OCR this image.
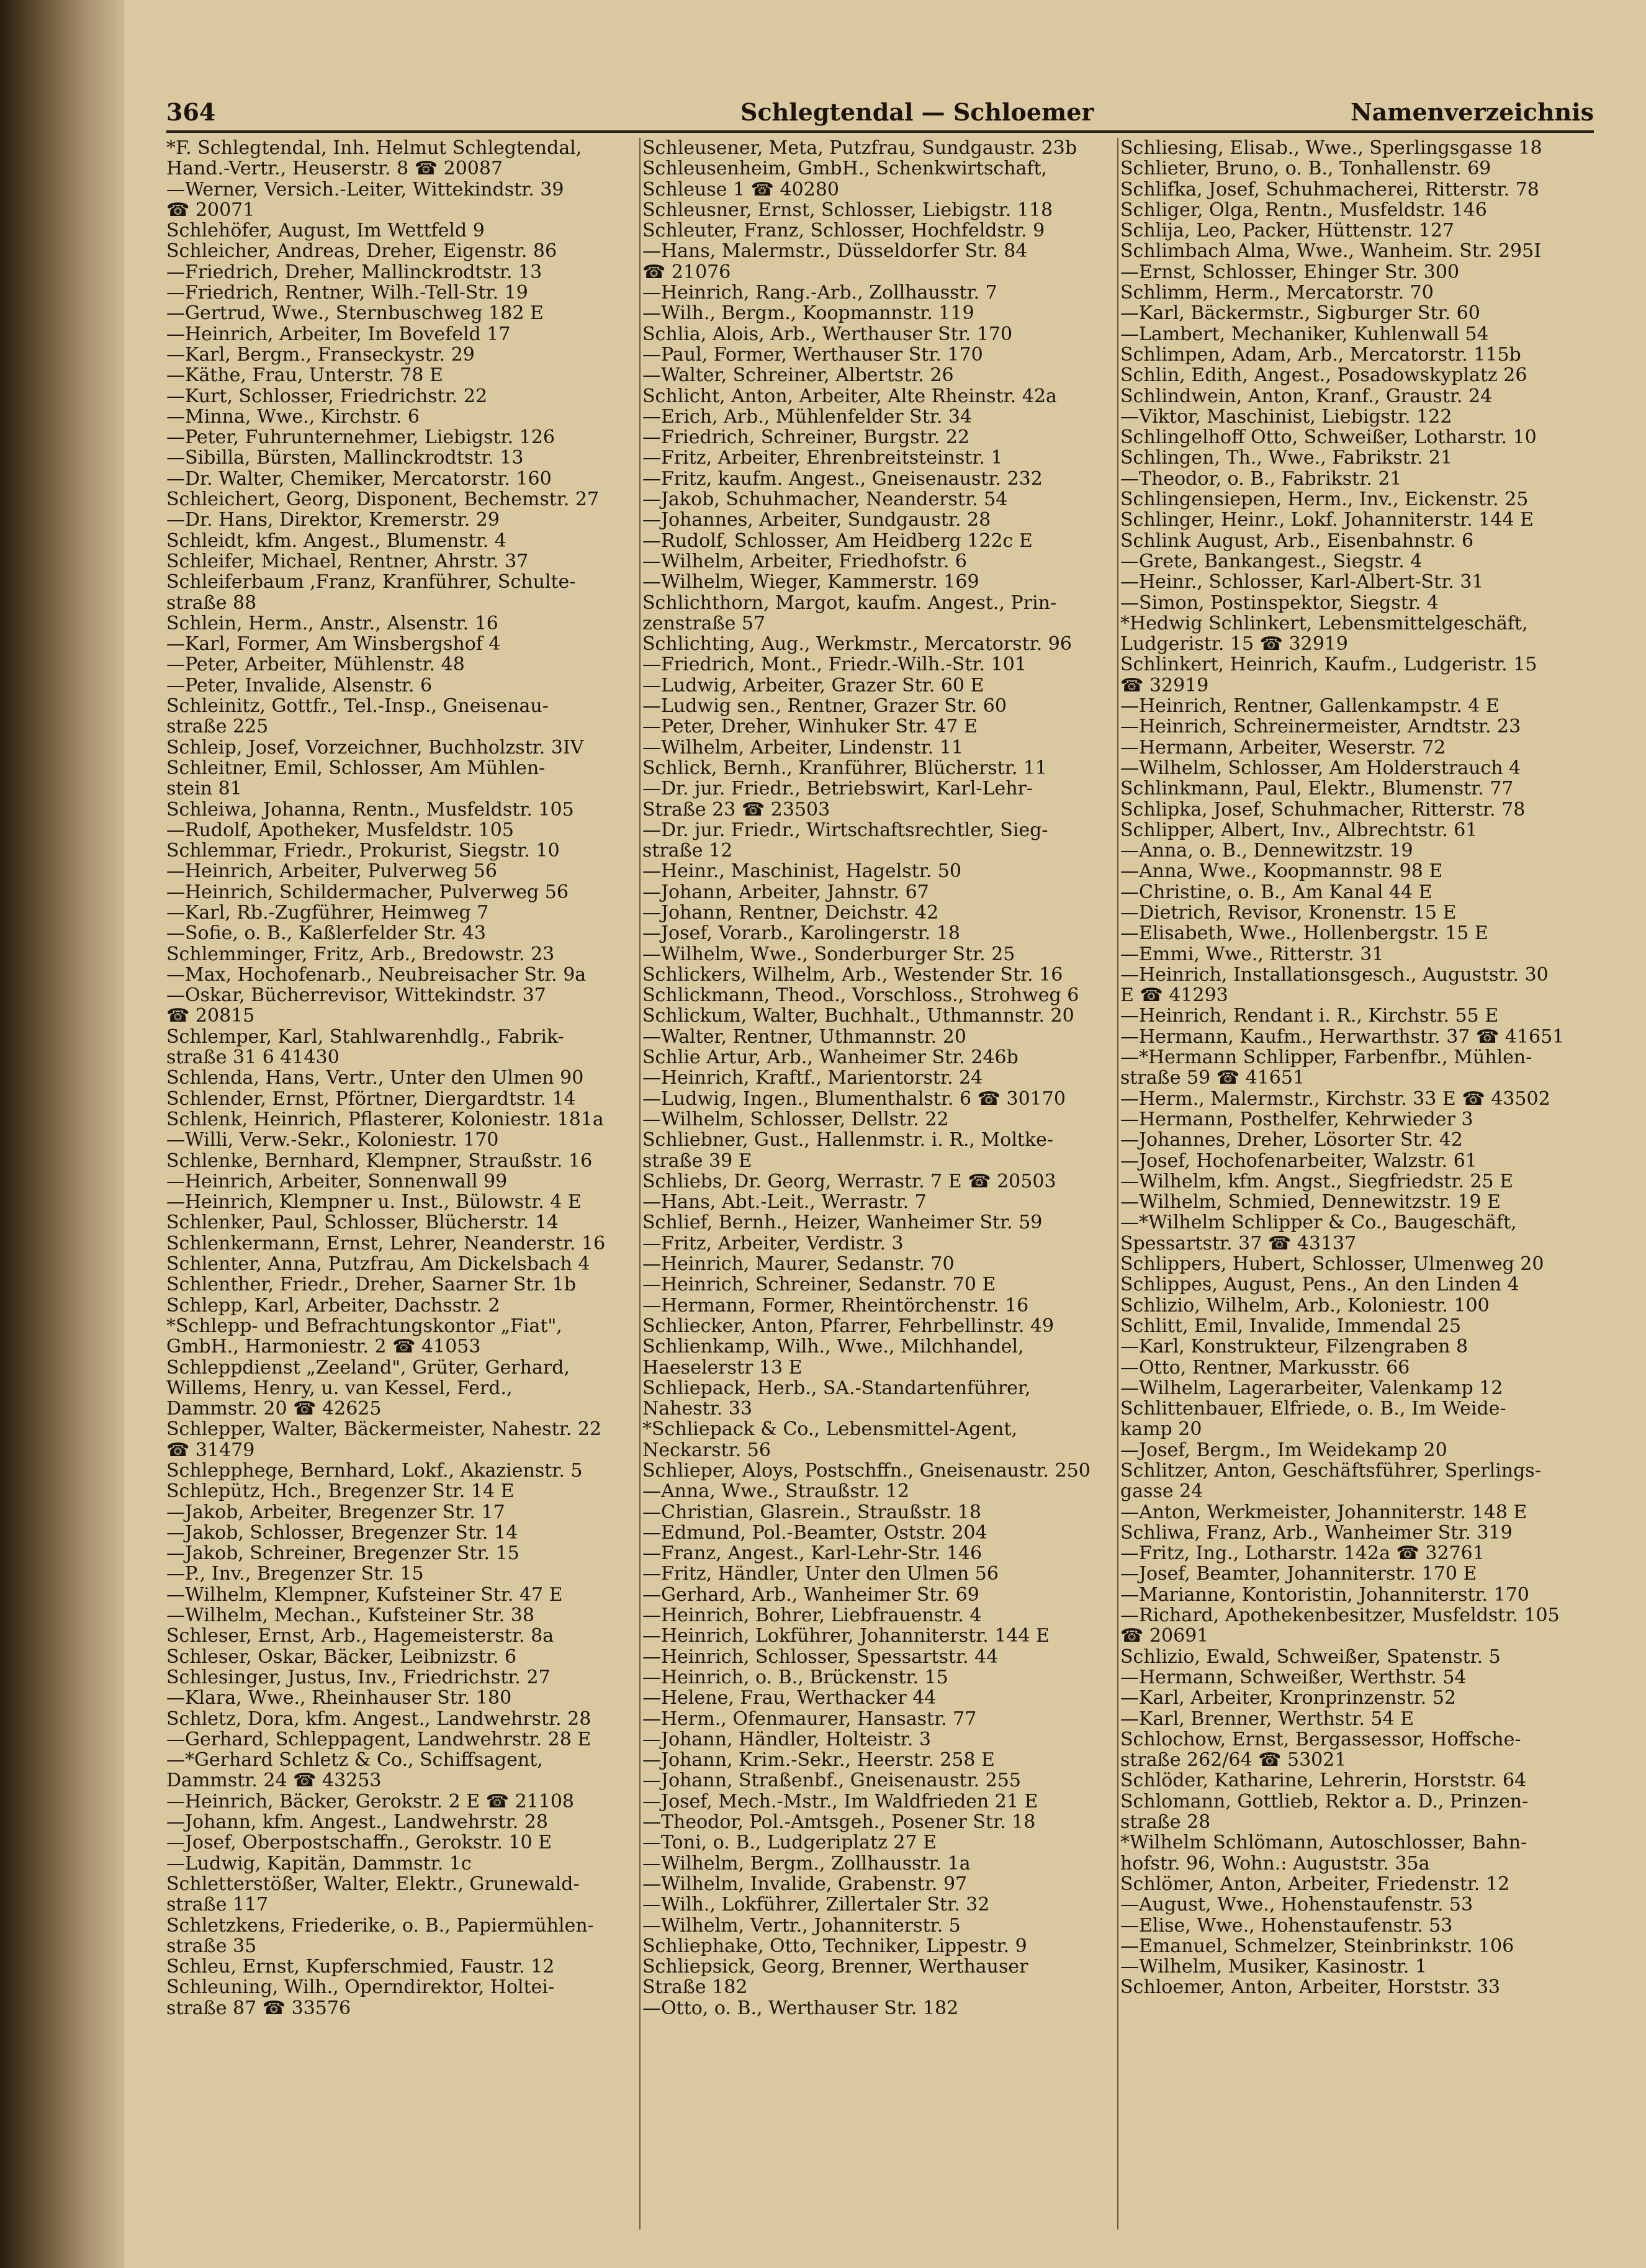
364	Schlegtendal — Schloemer	Namenverzeichnis
*F. Schlegtendal, Inh. Helmut Schlegtendal,
Hand.-Vertr., Heuserstr. 8 ☎ 20087
—Werner, Versich.-Leiter, Wittekindstr. 39
☎ 20071
Schlehöfer, August, Im Wettfeld 9
Schleicher, Andreas, Dreher, Eigenstr. 86
—Friedrich, Dreher, Mallinckrodtstr. 13
—Friedrich, Rentner, Wilh.-Tell-Str. 19
—Gertrud, Wwe., Sternbuschweg 182 E
—Heinrich, Arbeiter, Im Bovefeld 17
—Karl, Bergm., Franseckystr. 29
—Käthe, Frau, Unterstr. 78 E
—Kurt, Schlosser, Friedrichstr. 22
—Minna, Wwe., Kirchstr. 6
—Peter, Fuhrunternehmer, Liebigstr. 126
—Sibilla, Bürsten, Mallinckrodtstr. 13
—Dr. Walter, Chemiker, Mercatorstr. 160
Schleichert, Georg, Disponent, Bechemstr. 27
—Dr. Hans, Direktor, Kremerstr. 29
Schleidt, kfm. Angest., Blumenstr. 4
Schleifer, Michael, Rentner, Ahrstr. 37
Schleiferbaum ,Franz, Kranführer, Schulte-
straße 88
Schlein, Herm., Anstr., Alsenstr. 16
—Karl, Former, Am Winsbergshof 4
—Peter, Arbeiter, Mühlenstr. 48
—Peter, Invalide, Alsenstr. 6
Schleinitz, Gottfr., Tel.-Insp., Gneisenau-
straße 225
Schleip, Josef, Vorzeichner, Buchholzstr. 3IV
Schleitner, Emil, Schlosser, Am Mühlen-
stein 81
Schleiwa, Johanna, Rentn., Musfeldstr. 105
—Rudolf, Apotheker, Musfeldstr. 105
Schlemmar, Friedr., Prokurist, Siegstr. 10
—Heinrich, Arbeiter, Pulverweg 56
—Heinrich, Schildermacher, Pulverweg 56
—Karl, Rb.-Zugführer, Heimweg 7
—Sofie, o. B., Kaßlerfelder Str. 43
Schlemminger, Fritz, Arb., Bredowstr. 23
—Max, Hochofenarb., Neubreisacher Str. 9a
—Oskar, Bücherrevisor, Wittekindstr. 37
☎ 20815
Schlemper, Karl, Stahlwarenhdlg., Fabrik-
straße 31 6 41430
Schlenda, Hans, Vertr., Unter den Ulmen 90
Schlender, Ernst, Pförtner, Diergardtstr. 14
Schlenk, Heinrich, Pflasterer, Koloniestr. 181a
—Willi, Verw.-Sekr., Koloniestr. 170
Schlenke, Bernhard, Klempner, Straußstr. 16
—Heinrich, Arbeiter, Sonnenwall 99
—Heinrich, Klempner u. Inst., Bülowstr. 4 E
Schlenker, Paul, Schlosser, Blücherstr. 14
Schlenkermann, Ernst, Lehrer, Neanderstr. 16
Schlenter, Anna, Putzfrau, Am Dickelsbach 4
Schlenther, Friedr., Dreher, Saarner Str. 1b
Schlepp, Karl, Arbeiter, Dachsstr. 2
*Schlepp- und Befrachtungskontor „Fiat",
GmbH., Harmoniestr. 2 ☎ 41053
Schleppdienst „Zeeland", Grüter, Gerhard,
Willems, Henry, u. van Kessel, Ferd.,
Dammstr. 20 ☎ 42625
Schlepper, Walter, Bäckermeister, Nahestr. 22
☎ 31479
Schlepphege, Bernhard, Lokf., Akazienstr. 5
Schlepütz, Hch., Bregenzer Str. 14 E
—Jakob, Arbeiter, Bregenzer Str. 17
—Jakob, Schlosser, Bregenzer Str. 14
—Jakob, Schreiner, Bregenzer Str. 15
—P., Inv., Bregenzer Str. 15
—Wilhelm, Klempner, Kufsteiner Str. 47 E
—Wilhelm, Mechan., Kufsteiner Str. 38
Schleser, Ernst, Arb., Hagemeisterstr. 8a
Schleser, Oskar, Bäcker, Leibnizstr. 6
Schlesinger, Justus, Inv., Friedrichstr. 27
—Klara, Wwe., Rheinhauser Str. 180
Schletz, Dora, kfm. Angest., Landwehrstr. 28
—Gerhard, Schleppagent, Landwehrstr. 28 E
—*Gerhard Schletz & Co., Schiffsagent,
Dammstr. 24 ☎ 43253
—Heinrich, Bäcker, Gerokstr. 2 E ☎ 21108
—Johann, kfm. Angest., Landwehrstr. 28
—Josef, Oberpostschaffn., Gerokstr. 10 E
—Ludwig, Kapitän, Dammstr. 1c
Schletterstößer, Walter, Elektr., Grunewald-
straße 117
Schletzkens, Friederike, o. B., Papiermühlen-
straße 35
Schleu, Ernst, Kupferschmied, Faustr. 12
Schleuning, Wilh., Operndirektor, Holtei-
straße 87 ☎ 33576
Schleusener, Meta, Putzfrau, Sundgaustr. 23b
Schleusenheim, GmbH., Schenkwirtschaft,
Schleuse 1 ☎ 40280
Schleusner, Ernst, Schlosser, Liebigstr. 118
Schleuter, Franz, Schlosser, Hochfeldstr. 9
—Hans, Malermstr., Düsseldorfer Str. 84
☎ 21076
—Heinrich, Rang.-Arb., Zollhausstr. 7
—Wilh., Bergm., Koopmannstr. 119
Schlia, Alois, Arb., Werthauser Str. 170
—Paul, Former, Werthauser Str. 170
—Walter, Schreiner, Albertstr. 26
Schlicht, Anton, Arbeiter, Alte Rheinstr. 42a
—Erich, Arb., Mühlenfelder Str. 34
—Friedrich, Schreiner, Burgstr. 22
—Fritz, Arbeiter, Ehrenbreitsteinstr. 1
—Fritz, kaufm. Angest., Gneisenaustr. 232
—Jakob, Schuhmacher, Neanderstr. 54
—Johannes, Arbeiter, Sundgaustr. 28
—Rudolf, Schlosser, Am Heidberg 122c E
—Wilhelm, Arbeiter, Friedhofstr. 6
—Wilhelm, Wieger, Kammerstr. 169
Schlichthorn, Margot, kaufm. Angest., Prin-
zenstraße 57
Schlichting, Aug., Werkmstr., Mercatorstr. 96
—Friedrich, Mont., Friedr.-Wilh.-Str. 101
—Ludwig, Arbeiter, Grazer Str. 60 E
—Ludwig sen., Rentner, Grazer Str. 60
—Peter, Dreher, Winhuker Str. 47 E
—Wilhelm, Arbeiter, Lindenstr. 11
Schlick, Bernh., Kranführer, Blücherstr. 11
—Dr. jur. Friedr., Betriebswirt, Karl-Lehr-
Straße 23 ☎ 23503
—Dr. jur. Friedr., Wirtschaftsrechtler, Sieg-
straße 12
—Heinr., Maschinist, Hagelstr. 50
—Johann, Arbeiter, Jahnstr. 67
—Johann, Rentner, Deichstr. 42
—Josef, Vorarb., Karolingerstr. 18
—Wilhelm, Wwe., Sonderburger Str. 25
Schlickers, Wilhelm, Arb., Westender Str. 16
Schlickmann, Theod., Vorschloss., Strohweg 6
Schlickum, Walter, Buchhalt., Uthmannstr. 20
—Walter, Rentner, Uthmannstr. 20
Schlie Artur, Arb., Wanheimer Str. 246b
—Heinrich, Kraftf., Marientorstr. 24
—Ludwig, Ingen., Blumenthalstr. 6 ☎ 30170
—Wilhelm, Schlosser, Dellstr. 22
Schliebner, Gust., Hallenmstr. i. R., Moltke-
straße 39 E
Schliebs, Dr. Georg, Werrastr. 7 E ☎ 20503
—Hans, Abt.-Leit., Werrastr. 7
Schlief, Bernh., Heizer, Wanheimer Str. 59
—Fritz, Arbeiter, Verdistr. 3
—Heinrich, Maurer, Sedanstr. 70
—Heinrich, Schreiner, Sedanstr. 70 E
—Hermann, Former, Rheintörchenstr. 16
Schliecker, Anton, Pfarrer, Fehrbellinstr. 49
Schlienkamp, Wilh., Wwe., Milchhandel,
Haeselerstr 13 E
Schliepack, Herb., SA.-Standartenführer,
Nahestr. 33
*Schliepack & Co., Lebensmittel-Agent,
Neckarstr. 56
Schlieper, Aloys, Postschffn., Gneisenaustr. 250
—Anna, Wwe., Straußstr. 12
—Christian, Glasrein., Straußstr. 18
—Edmund, Pol.-Beamter, Oststr. 204
—Franz, Angest., Karl-Lehr-Str. 146
—Fritz, Händler, Unter den Ulmen 56
—Gerhard, Arb., Wanheimer Str. 69
—Heinrich, Bohrer, Liebfrauenstr. 4
—Heinrich, Lokführer, Johanniterstr. 144 E
—Heinrich, Schlosser, Spessartstr. 44
—Heinrich, o. B., Brückenstr. 15
—Helene, Frau, Werthacker 44
—Herm., Ofenmaurer, Hansastr. 77
—Johann, Händler, Holteistr. 3
—Johann, Krim.-Sekr., Heerstr. 258 E
—Johann, Straßenbf., Gneisenaustr. 255
—Josef, Mech.-Mstr., Im Waldfrieden 21 E
—Theodor, Pol.-Amtsgeh., Posener Str. 18
—Toni, o. B., Ludgeriplatz 27 E
—Wilhelm, Bergm., Zollhausstr. 1a
—Wilhelm, Invalide, Grabenstr. 97
—Wilh., Lokführer, Zillertaler Str. 32
—Wilhelm, Vertr., Johanniterstr. 5
Schliephake, Otto, Techniker, Lippestr. 9
Schliepsick, Georg, Brenner, Werthauser
Straße 182
—Otto, o. B., Werthauser Str. 182
Schliesing, Elisab., Wwe., Sperlingsgasse 18
Schlieter, Bruno, o. B., Tonhallenstr. 69
Schlifka, Josef, Schuhmacherei, Ritterstr. 78
Schliger, Olga, Rentn., Musfeldstr. 146
Schlija, Leo, Packer, Hüttenstr. 127
Schlimbach Alma, Wwe., Wanheim. Str. 295I
—Ernst, Schlosser, Ehinger Str. 300
Schlimm, Herm., Mercatorstr. 70
—Karl, Bäckermstr., Sigburger Str. 60
—Lambert, Mechaniker, Kuhlenwall 54
Schlimpen, Adam, Arb., Mercatorstr. 115b
Schlin, Edith, Angest., Posadowskyplatz 26
Schlindwein, Anton, Kranf., Graustr. 24
—Viktor, Maschinist, Liebigstr. 122
Schlingelhoff Otto, Schweißer, Lotharstr. 10
Schlingen, Th., Wwe., Fabrikstr. 21
—Theodor, o. B., Fabrikstr. 21
Schlingensiepen, Herm., Inv., Eickenstr. 25
Schlinger, Heinr., Lokf. Johanniterstr. 144 E
Schlink August, Arb., Eisenbahnstr. 6
—Grete, Bankangest., Siegstr. 4
—Heinr., Schlosser, Karl-Albert-Str. 31
—Simon, Postinspektor, Siegstr. 4
*Hedwig Schlinkert, Lebensmittelgeschäft,
Ludgeristr. 15 ☎ 32919
Schlinkert, Heinrich, Kaufm., Ludgeristr. 15
☎ 32919
—Heinrich, Rentner, Gallenkampstr. 4 E
—Heinrich, Schreinermeister, Arndtstr. 23
—Hermann, Arbeiter, Weserstr. 72
—Wilhelm, Schlosser, Am Holderstrauch 4
Schlinkmann, Paul, Elektr., Blumenstr. 77
Schlipka, Josef, Schuhmacher, Ritterstr. 78
Schlipper, Albert, Inv., Albrechtstr. 61
—Anna, o. B., Dennewitzstr. 19
—Anna, Wwe., Koopmannstr. 98 E
—Christine, o. B., Am Kanal 44 E
—Dietrich, Revisor, Kronenstr. 15 E
—Elisabeth, Wwe., Hollenbergstr. 15 E
—Emmi, Wwe., Ritterstr. 31
—Heinrich, Installationsgesch., Auguststr. 30
E ☎ 41293
—Heinrich, Rendant i. R., Kirchstr. 55 E
—Hermann, Kaufm., Herwarthstr. 37 ☎ 41651
—*Hermann Schlipper, Farbenfbr., Mühlen-
straße 59 ☎ 41651
—Herm., Malermstr., Kirchstr. 33 E ☎ 43502
—Hermann, Posthelfer, Kehrwieder 3
—Johannes, Dreher, Lösorter Str. 42
—Josef, Hochofenarbeiter, Walzstr. 61
—Wilhelm, kfm. Angst., Siegfriedstr. 25 E
—Wilhelm, Schmied, Dennewitzstr. 19 E
—*Wilhelm Schlipper & Co., Baugeschäft,
Spessartstr. 37 ☎ 43137
Schlippers, Hubert, Schlosser, Ulmenweg 20
Schlippes, August, Pens., An den Linden 4
Schlizio, Wilhelm, Arb., Koloniestr. 100
Schlitt, Emil, Invalide, Immendal 25
—Karl, Konstrukteur, Filzengraben 8
—Otto, Rentner, Markusstr. 66
—Wilhelm, Lagerarbeiter, Valenkamp 12
Schlittenbauer, Elfriede, o. B., Im Weide-
kamp 20
—Josef, Bergm., Im Weidekamp 20
Schlitzer, Anton, Geschäftsführer, Sperlings-
gasse 24
—Anton, Werkmeister, Johanniterstr. 148 E
Schliwa, Franz, Arb., Wanheimer Str. 319
—Fritz, Ing., Lotharstr. 142a ☎ 32761
—Josef, Beamter, Johanniterstr. 170 E
—Marianne, Kontoristin, Johanniterstr. 170
—Richard, Apothekenbesitzer, Musfeldstr. 105
☎ 20691
Schlizio, Ewald, Schweißer, Spatenstr. 5
—Hermann, Schweißer, Werthstr. 54
—Karl, Arbeiter, Kronprinzenstr. 52
—Karl, Brenner, Werthstr. 54 E
Schlochow, Ernst, Bergassessor, Hoffsche-
straße 262/64 ☎ 53021
Schlöder, Katharine, Lehrerin, Horststr. 64
Schlomann, Gottlieb, Rektor a. D., Prinzen-
straße 28
*Wilhelm Schlömann, Autoschlosser, Bahn-
hofstr. 96, Wohn.: Auguststr. 35a
Schlömer, Anton, Arbeiter, Friedenstr. 12
—August, Wwe., Hohenstaufenstr. 53
—Elise, Wwe., Hohenstaufenstr. 53
—Emanuel, Schmelzer, Steinbrinkstr. 106
—Wilhelm, Musiker, Kasinostr. 1
Schloemer, Anton, Arbeiter, Horststr. 33
